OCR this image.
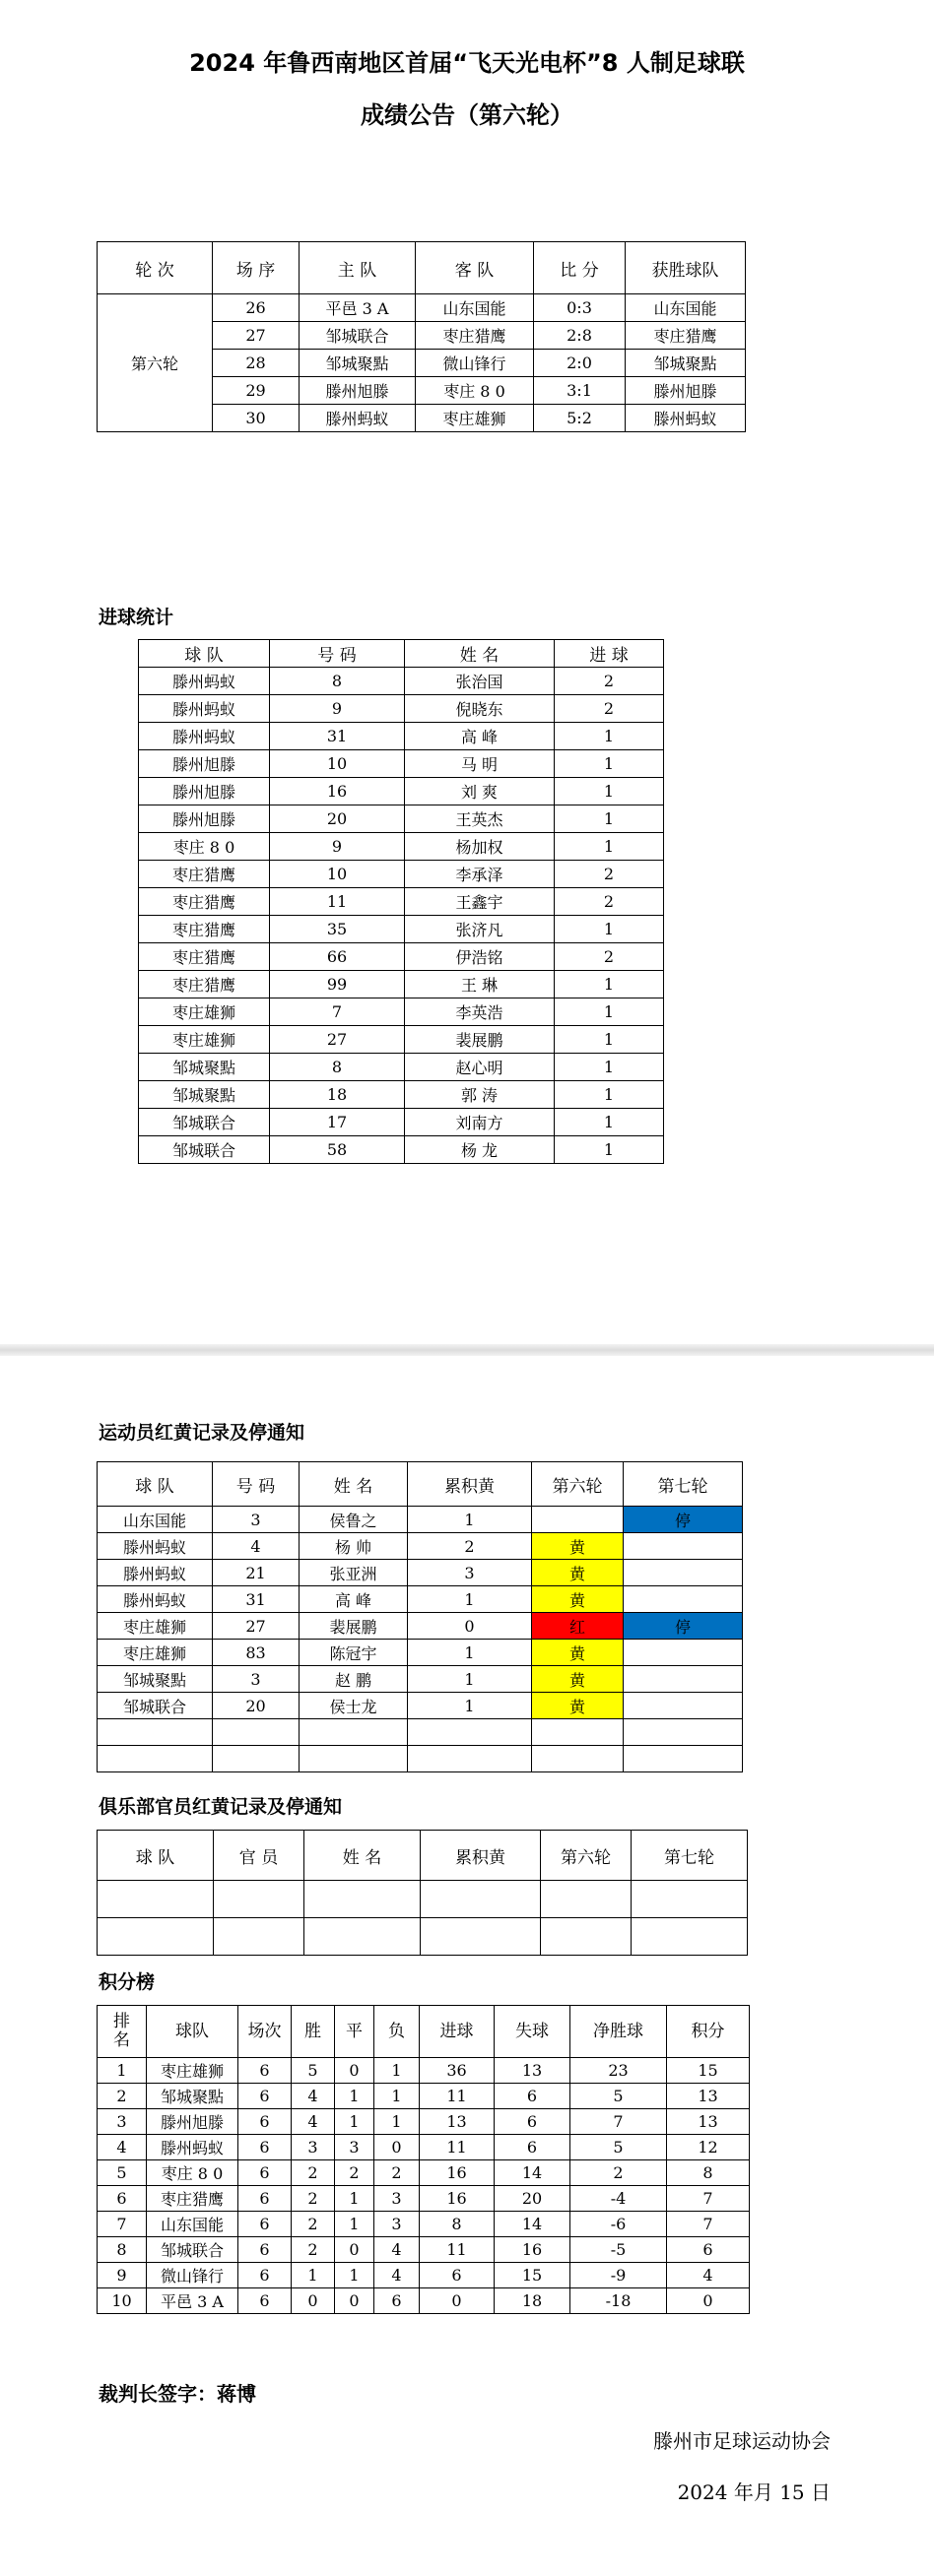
2024 年鲁西南地区首届“飞天光电杯”8 人制足球联
成绩公告（第六轮）
轮 次	场 序	主 队	客 队	比 分	获胜球队
第六轮	26	平邑 3 A	山东国能	0:3	山东国能
	27	邹城联合	枣庄猎鹰	2:8	枣庄猎鹰
	28	邹城聚點	微山锋行	2:0	邹城聚點
	29	滕州旭滕	枣庄 8 0	3:1	滕州旭滕
	30	滕州蚂蚁	枣庄雄狮	5:2	滕州蚂蚁
进球统计
球 队	号 码	姓 名	进 球
滕州蚂蚁	8	张治国	2
滕州蚂蚁	9	倪晓东	2
滕州蚂蚁	31	高 峰	1
滕州旭滕	10	马 明	1
滕州旭滕	16	刘 爽	1
滕州旭滕	20	王英杰	1
枣庄 8 0	9	杨加权	1
枣庄猎鹰	10	李承泽	2
枣庄猎鹰	11	王鑫宇	2
枣庄猎鹰	35	张济凡	1
枣庄猎鹰	66	伊浩铭	2
枣庄猎鹰	99	王 琳	1
枣庄雄狮	7	李英浩	1
枣庄雄狮	27	裴展鹏	1
邹城聚點	8	赵心明	1
邹城聚點	18	郭 涛	1
邹城联合	17	刘南方	1
邹城联合	58	杨 龙	1
运动员红黄记录及停通知
球 队	号 码	姓 名	累积黄	第六轮	第七轮
山东国能	3	侯鲁之	1		停
滕州蚂蚁	4	杨 帅	2	黄	
滕州蚂蚁	21	张亚洲	3	黄	
滕州蚂蚁	31	高 峰	1	黄	
枣庄雄狮	27	裴展鹏	0	红	停
枣庄雄狮	83	陈冠宇	1	黄	
邹城聚點	3	赵 鹏	1	黄	
邹城联合	20	侯士龙	1	黄	

俱乐部官员红黄记录及停通知
球 队	官 员	姓 名	累积黄	第六轮	第七轮

积分榜
排
名	球队	场次	胜	平	负	进球	失球	净胜球	积分
1	枣庄雄狮	6	5	0	1	36	13	23	15
2	邹城聚點	6	4	1	1	11	6	5	13
3	滕州旭滕	6	4	1	1	13	6	7	13
4	滕州蚂蚁	6	3	3	0	11	6	5	12
5	枣庄 8 0	6	2	2	2	16	14	2	8
6	枣庄猎鹰	6	2	1	3	16	20	-4	7
7	山东国能	6	2	1	3	8	14	-6	7
8	邹城联合	6	2	0	4	11	16	-5	6
9	微山锋行	6	1	1	4	6	15	-9	4
10	平邑 3 A	6	0	0	6	0	18	-18	0
裁判长签字：蒋博
滕州市足球运动协会
2024 年月 15 日
